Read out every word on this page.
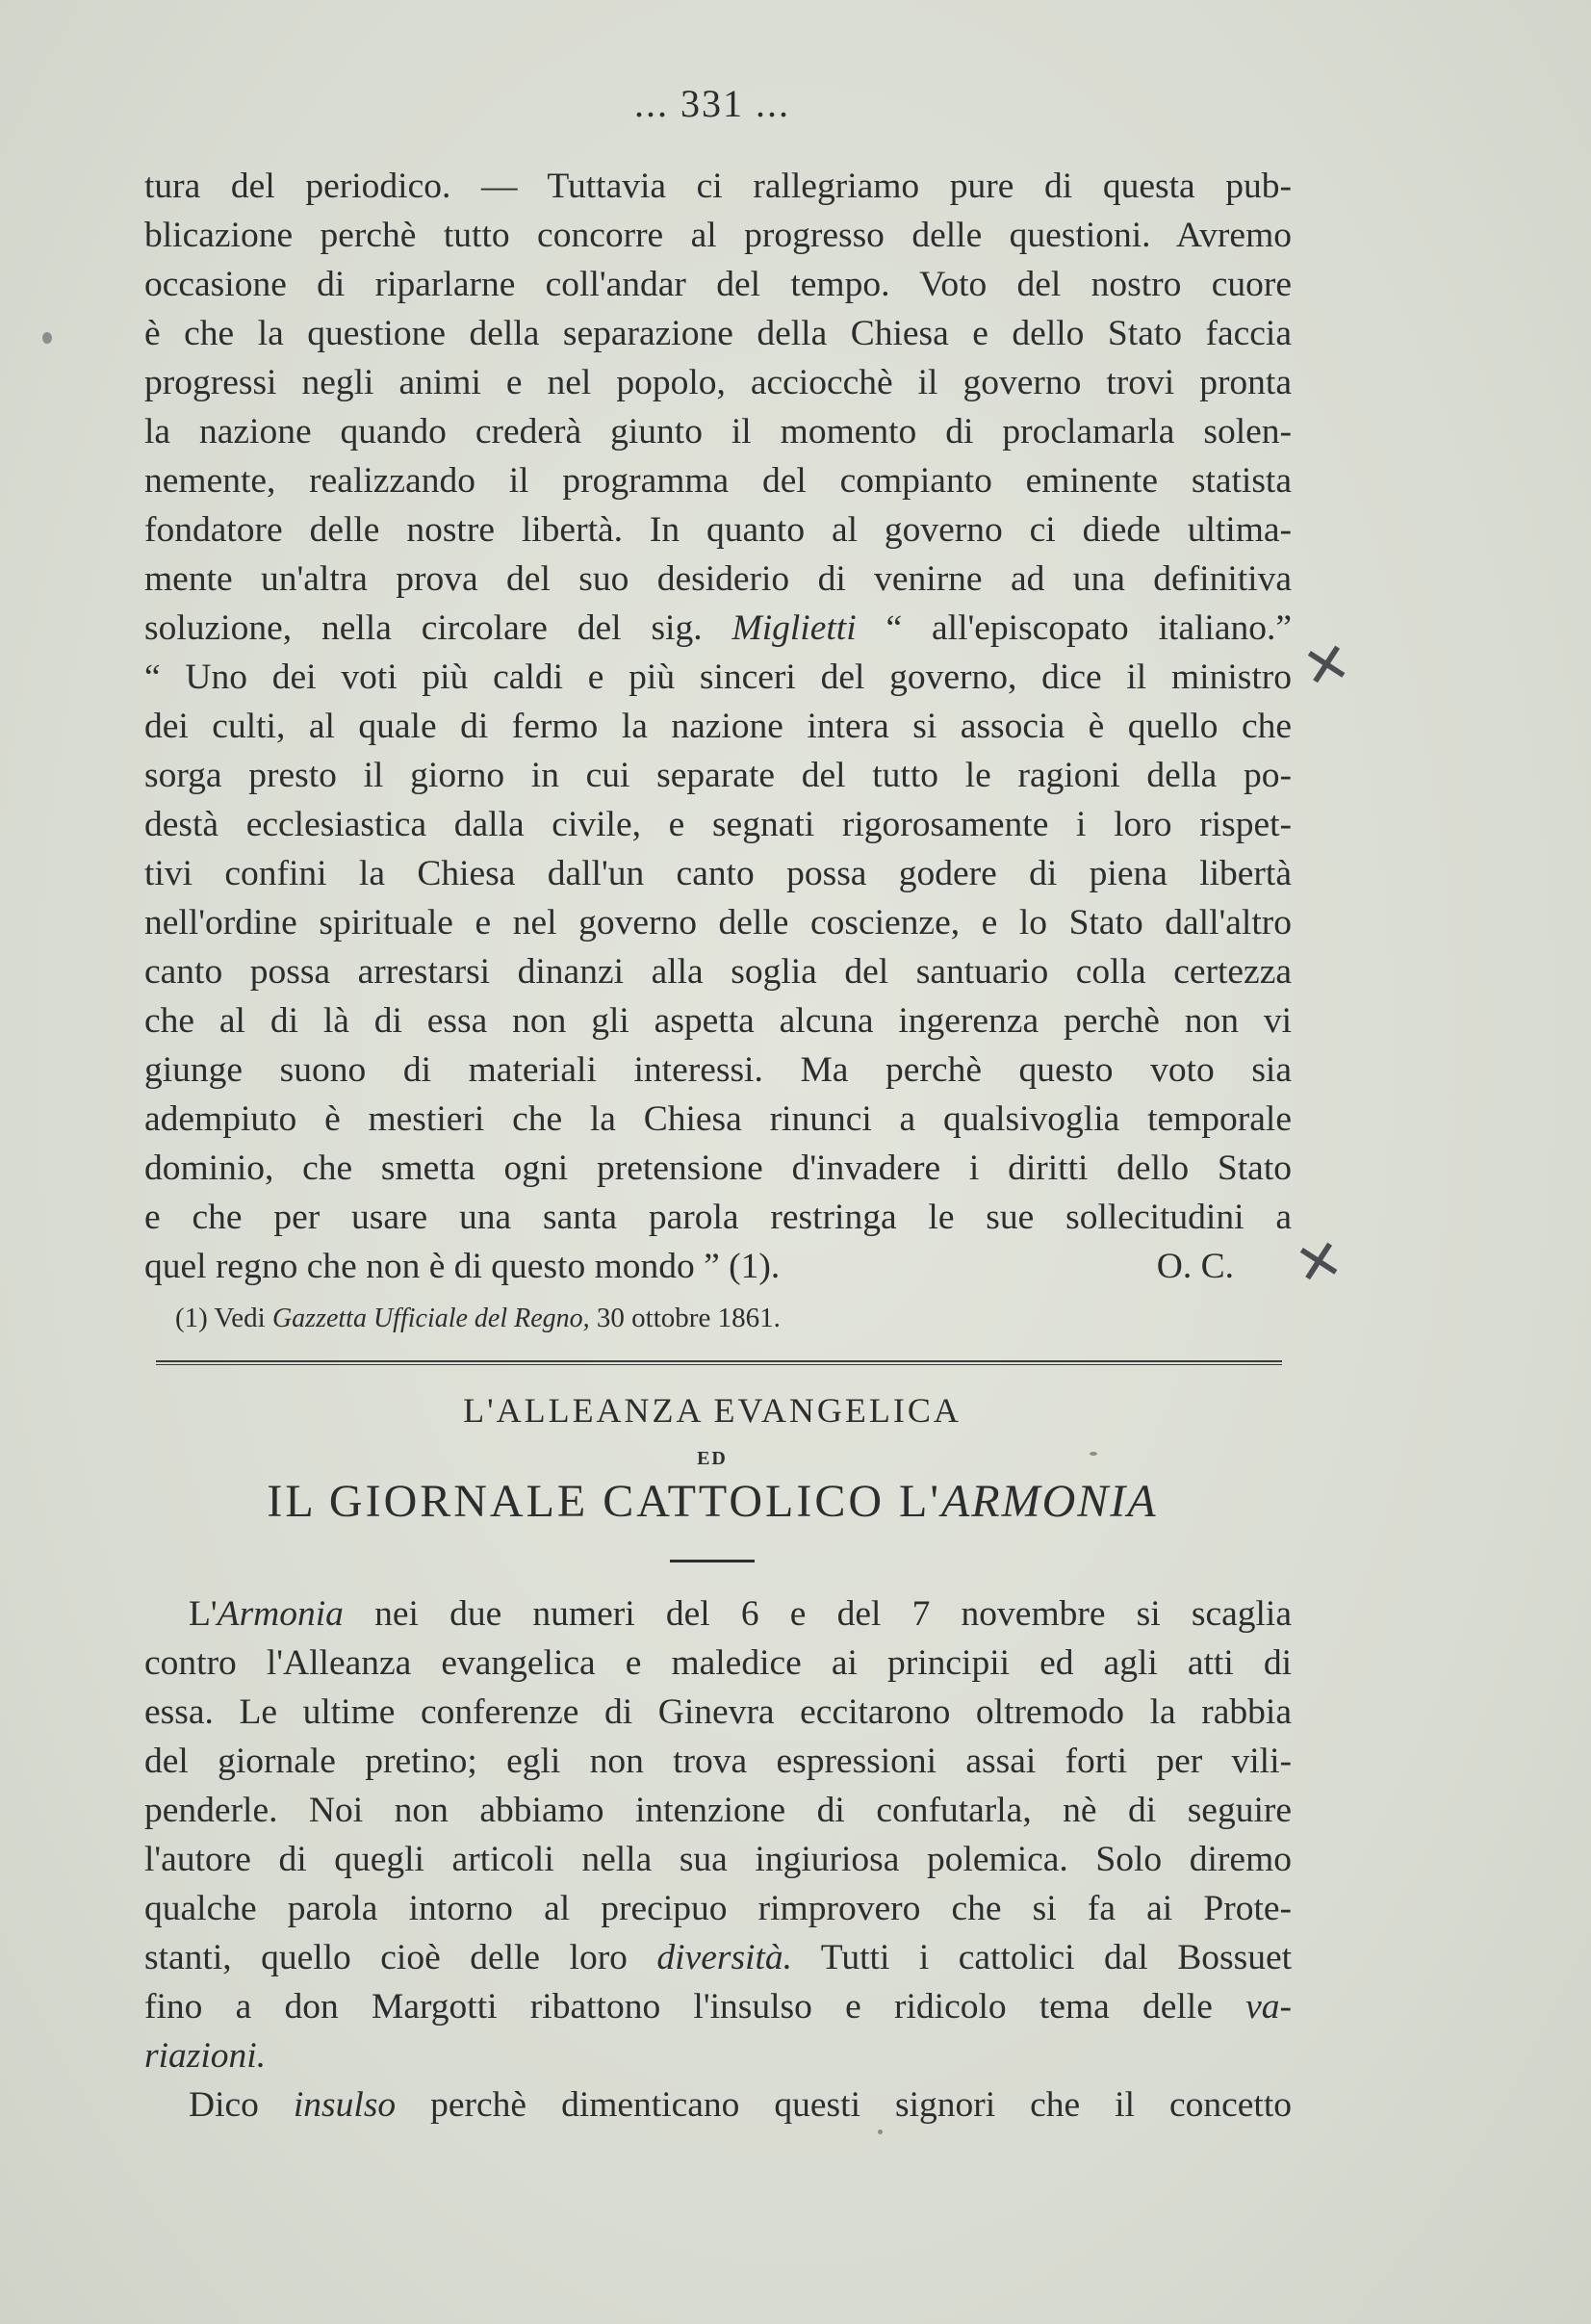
... 331 ...
tura del periodico. — Tuttavia ci rallegriamo pure di questa pub-
blicazione perchè tutto concorre al progresso delle questioni. Avremo
occasione di riparlarne coll'andar del tempo. Voto del nostro cuore
è che la questione della separazione della Chiesa e dello Stato faccia
progressi negli animi e nel popolo, acciocchè il governo trovi pronta
la nazione quando crederà giunto il momento di proclamarla solen-
nemente, realizzando il programma del compianto eminente statista
fondatore delle nostre libertà. In quanto al governo ci diede ultima-
mente un'altra prova del suo desiderio di venirne ad una definitiva
soluzione, nella circolare del sig. Miglietti “ all'episcopato italiano.”
“ Uno dei voti più caldi e più sinceri del governo, dice il ministro
dei culti, al quale di fermo la nazione intera si associa è quello che
sorga presto il giorno in cui separate del tutto le ragioni della po-
destà ecclesiastica dalla civile, e segnati rigorosamente i loro rispet-
tivi confini la Chiesa dall'un canto possa godere di piena libertà
nell'ordine spirituale e nel governo delle coscienze, e lo Stato dall'altro
canto possa arrestarsi dinanzi alla soglia del santuario colla certezza
che al di là di essa non gli aspetta alcuna ingerenza perchè non vi
giunge suono di materiali interessi. Ma perchè questo voto sia
adempiuto è mestieri che la Chiesa rinunci a qualsivoglia temporale
dominio, che smetta ogni pretensione d'invadere i diritti dello Stato
e che per usare una santa parola restringa le sue sollecitudini a
quel regno che non è di questo mondo ” (1).	O. C.
(1) Vedi Gazzetta Ufficiale del Regno, 30 ottobre 1861.
L'ALLEANZA EVANGELICA
ED
IL GIORNALE CATTOLICO L'ARMONIA
L'Armonia nei due numeri del 6 e del 7 novembre si scaglia
contro l'Alleanza evangelica e maledice ai principii ed agli atti di
essa. Le ultime conferenze di Ginevra eccitarono oltremodo la rabbia
del giornale pretino; egli non trova espressioni assai forti per vili-
penderle. Noi non abbiamo intenzione di confutarla, nè di seguire
l'autore di quegli articoli nella sua ingiuriosa polemica. Solo diremo
qualche parola intorno al precipuo rimprovero che si fa ai Prote-
stanti, quello cioè delle loro diversità. Tutti i cattolici dal Bossuet
fino a don Margotti ribattono l'insulso e ridicolo tema delle va-
riazioni.
Dico insulso perchè dimenticano questi signori che il concetto
✕
✕
